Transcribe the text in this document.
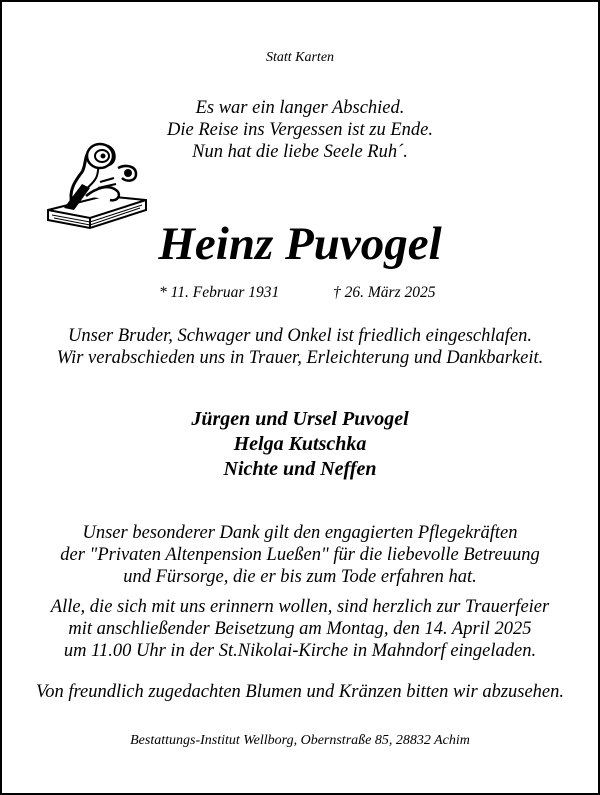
Statt Karten
Es war ein langer Abschied.
Die Reise ins Vergessen ist zu Ende.
Nun hat die liebe Seele Ruh´.
Heinz Puvogel
* 11. Februar 1931	† 26. März 2025
Unser Bruder, Schwager und Onkel ist friedlich eingeschlafen.
Wir verabschieden uns in Trauer, Erleichterung und Dankbarkeit.
Jürgen und Ursel Puvogel
Helga Kutschka
Nichte und Neffen
Unser besonderer Dank gilt den engagierten Pflegekräften
der "Privaten Altenpension Lueßen" für die liebevolle Betreuung
und Fürsorge, die er bis zum Tode erfahren hat.
Alle, die sich mit uns erinnern wollen, sind herzlich zur Trauerfeier
mit anschließender Beisetzung am Montag, den 14. April 2025
um 11.00 Uhr in der St.Nikolai-Kirche in Mahndorf eingeladen.
Von freundlich zugedachten Blumen und Kränzen bitten wir abzusehen.
Bestattungs-Institut Wellborg, Obernstraße 85, 28832 Achim
